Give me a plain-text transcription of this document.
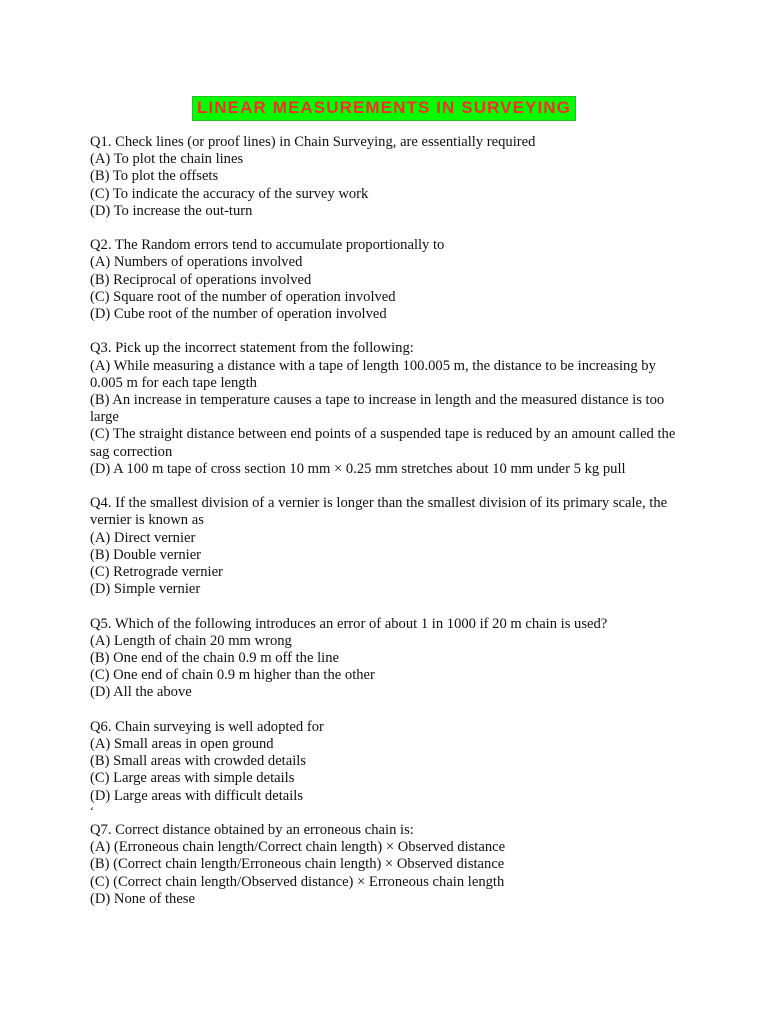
LINEAR MEASUREMENTS IN SURVEYING
Q1. Check lines (or proof lines) in Chain Surveying, are essentially required
(A) To plot the chain lines
(B) To plot the offsets
(C) To indicate the accuracy of the survey work
(D) To increase the out-turn
Q2. The Random errors tend to accumulate proportionally to
(A) Numbers of operations involved
(B) Reciprocal of operations involved
(C) Square root of the number of operation involved
(D) Cube root of the number of operation involved
Q3. Pick up the incorrect statement from the following:
(A) While measuring a distance with a tape of length 100.005 m, the distance to be increasing by 0.005 m for each tape length
(B) An increase in temperature causes a tape to increase in length and the measured distance is too large
(C) The straight distance between end points of a suspended tape is reduced by an amount called the sag correction
(D) A 100 m tape of cross section 10 mm × 0.25 mm stretches about 10 mm under 5 kg pull
Q4. If the smallest division of a vernier is longer than the smallest division of its primary scale, the vernier is known as
(A) Direct vernier
(B) Double vernier
(C) Retrograde vernier
(D) Simple vernier
Q5. Which of the following introduces an error of about 1 in 1000 if 20 m chain is used?
(A) Length of chain 20 mm wrong
(B) One end of the chain 0.9 m off the line
(C) One end of chain 0.9 m higher than the other
(D) All the above
Q6. Chain surveying is well adopted for
(A) Small areas in open ground
(B) Small areas with crowded details
(C) Large areas with simple details
(D) Large areas with difficult details
‘
Q7. Correct distance obtained by an erroneous chain is:
(A) (Erroneous chain length/Correct chain length) × Observed distance
(B) (Correct chain length/Erroneous chain length) × Observed distance
(C) (Correct chain length/Observed distance) × Erroneous chain length
(D) None of these
